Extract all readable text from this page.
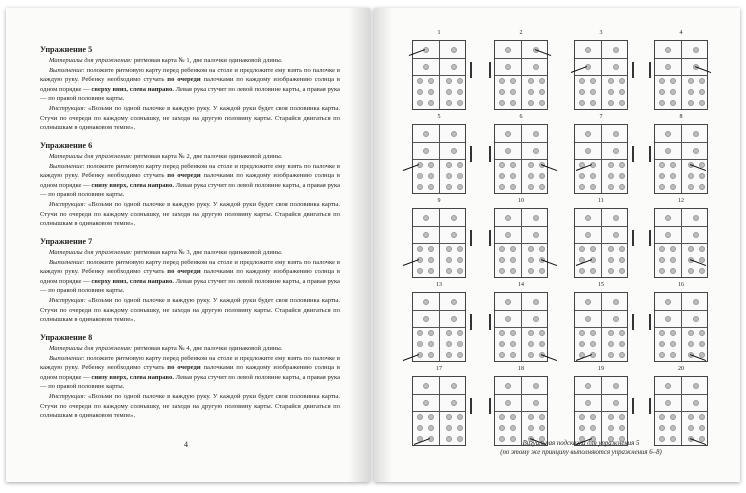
Упражнение 5

Материалы для упражнения: ритмовая карта № 1, две палочки одинаковой длины.

Выполнение: положите ритмовую карту перед ребенком на столе и предложите ему взять по палочке в каждую руку. Ребенку необходимо стучать по очереди палочками по каждому изображению солнца в одном порядке — сверху вниз, слева направо. Левая рука стучит по левой половине карты, а правая рука — по правой половине карты.

Инструкция: «Возьми по одной палочке в каждую руку. У каждой руки будет своя половинка карты. Стучи по очереди по каждому солнышку, не заходя на другую половину карты. Старайся двигаться по солнышкам в одинаковом темпе».

Упражнение 6

Материалы для упражнения: ритмовая карта № 2, две палочки одинаковой длины.

Выполнение: положите ритмовую карту перед ребенком на столе и предложите ему взять по палочке в каждую руку. Ребенку необходимо стучать по очереди палочками по каждому изображению солнца в одном порядке — снизу вверх, слева направо. Левая рука стучит по левой половине карты, а правая рука — по правой половине карты.

Инструкция: «Возьми по одной палочке в каждую руку. У каждой руки будет своя половинка карты. Стучи по очереди по каждому солнышку, не заходя на другую половину карты. Старайся двигаться по солнышкам в одинаковом темпе».

Упражнение 7

Материалы для упражнения: ритмовая карта № 3, две палочки одинаковой длины.

Выполнение: положите ритмовую карту перед ребенком на столе и предложите ему взять по палочке в каждую руку. Ребенку необходимо стучать по очереди палочками по каждому изображению солнца в одном порядке — сверху вниз, слева направо. Левая рука стучит по левой половине карты, а правая рука — по правой половине карты.

Инструкция: «Возьми по одной палочке в каждую руку. У каждой руки будет своя половинка карты. Стучи по очереди по каждому солнышку, не заходя на другую половину карты. Старайся двигаться по солнышкам в одинаковом темпе».

Упражнение 8

Материалы для упражнения: ритмовая карта № 4, две палочки одинаковой длины.

Выполнение: положите ритмовую карту перед ребенком на столе и предложите ему взять по палочке в каждую руку. Ребенку необходимо стучать по очереди палочками по каждому изображению солнца в одном порядке — снизу вверх, слева направо. Левая рука стучит по левой половине карты, а правая рука — по правой половине карты.

Инструкция: «Возьми по одной палочке в каждую руку. У каждой руки будет своя половинка карты. Стучи по очереди по каждому солнышку, не заходя на другую половину карты. Старайся двигаться по солнышкам в одинаковом темпе».

4
1	2	3	4
5	6	7	8
9	10	11	12
13	14	15	16
17	18	19	20
Визуальная подсказка для упражнения 5
(по этому же принципу выполняются упражнения 6–8)
